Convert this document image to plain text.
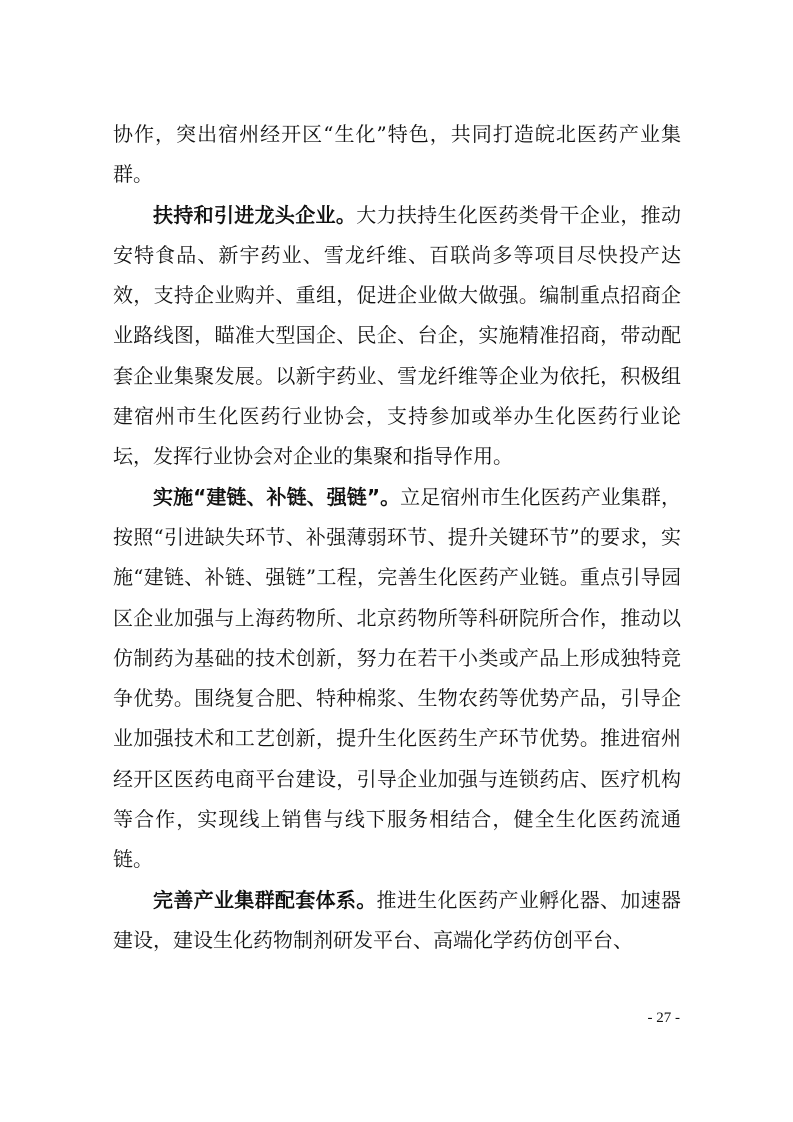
协作，突出宿州经开区“生化”特色，共同打造皖北医药产业集群。

扶持和引进龙头企业。大力扶持生化医药类骨干企业，推动安特食品、新宇药业、雪龙纤维、百联尚多等项目尽快投产达效，支持企业购并、重组，促进企业做大做强。编制重点招商企业路线图，瞄准大型国企、民企、台企，实施精准招商，带动配套企业集聚发展。以新宇药业、雪龙纤维等企业为依托，积极组建宿州市生化医药行业协会，支持参加或举办生化医药行业论坛，发挥行业协会对企业的集聚和指导作用。

实施“建链、补链、强链”。立足宿州市生化医药产业集群，按照“引进缺失环节、补强薄弱环节、提升关键环节”的要求，实施“建链、补链、强链”工程，完善生化医药产业链。重点引导园区企业加强与上海药物所、北京药物所等科研院所合作，推动以仿制药为基础的技术创新，努力在若干小类或产品上形成独特竞争优势。围绕复合肥、特种棉浆、生物农药等优势产品，引导企业加强技术和工艺创新，提升生化医药生产环节优势。推进宿州经开区医药电商平台建设，引导企业加强与连锁药店、医疗机构等合作，实现线上销售与线下服务相结合，健全生化医药流通链。

完善产业集群配套体系。推进生化医药产业孵化器、加速器建设，建设生化药物制剂研发平台、高端化学药仿创平台、

- 27 -
